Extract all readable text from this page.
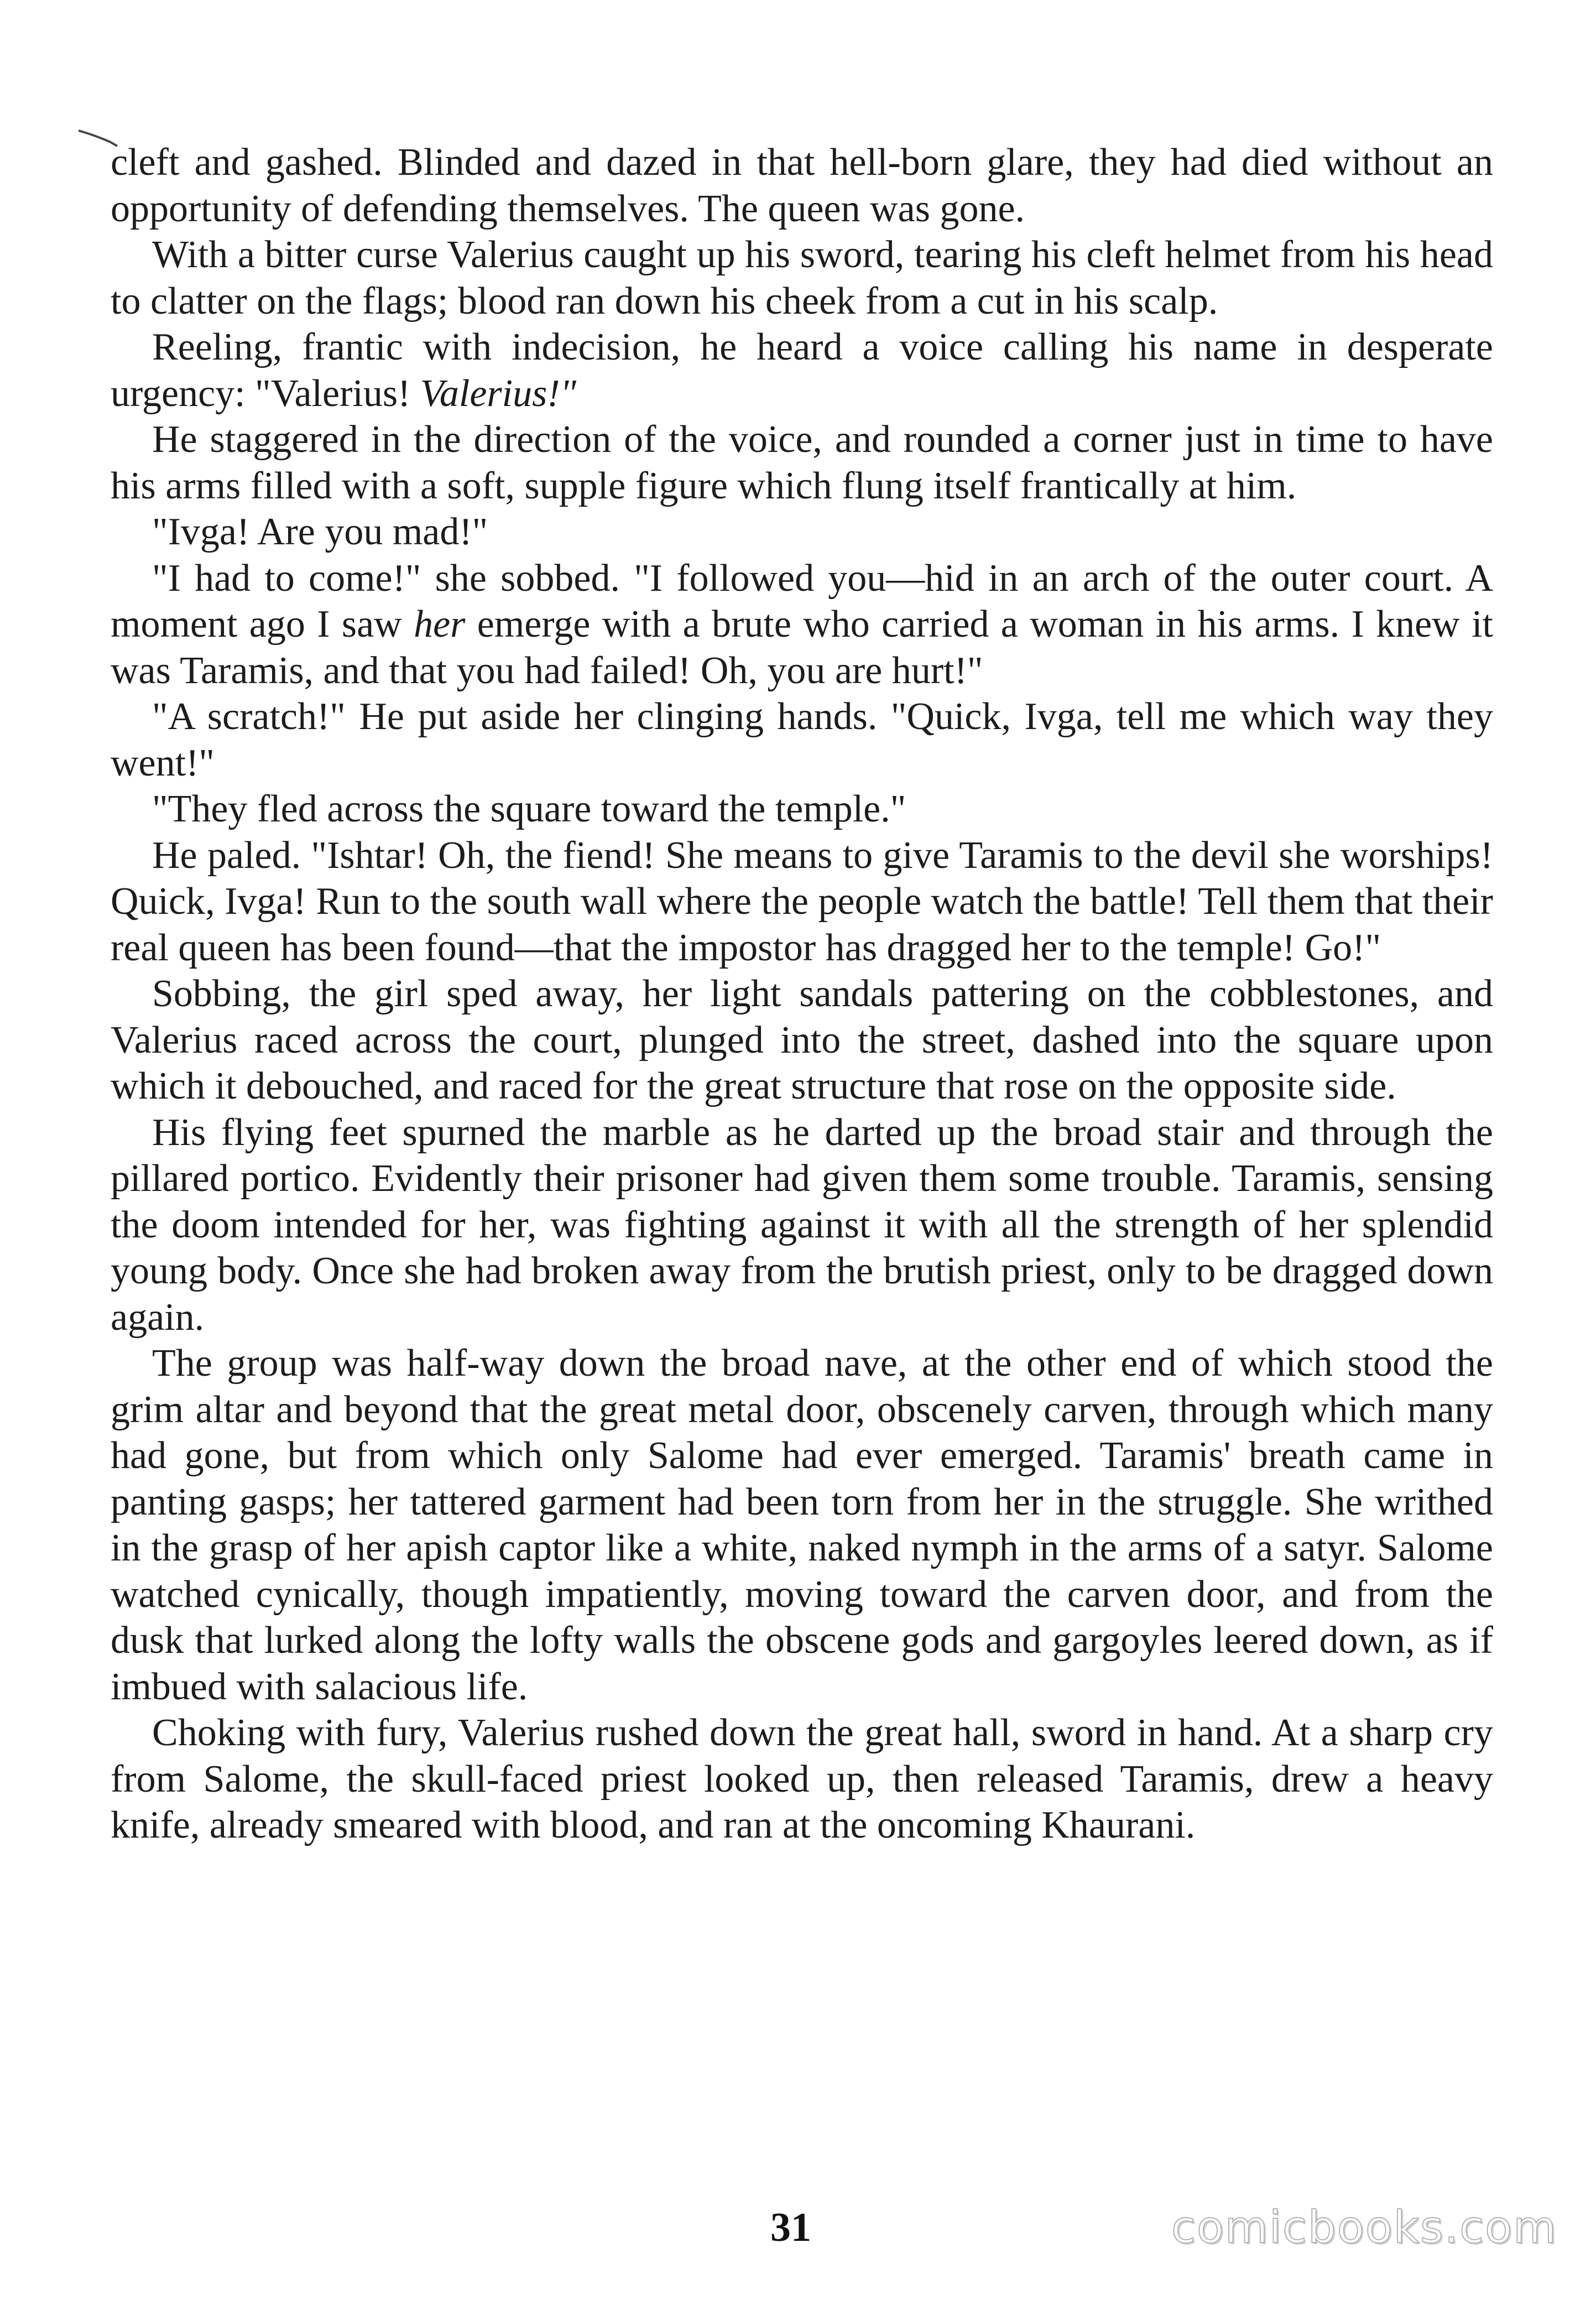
cleft and gashed. Blinded and dazed in that hell-born glare, they had died without an opportunity of defending themselves. The queen was gone.

With a bitter curse Valerius caught up his sword, tearing his cleft helmet from his head to clatter on the flags; blood ran down his cheek from a cut in his scalp.

Reeling, frantic with indecision, he heard a voice calling his name in desperate urgency: "Valerius! Valerius!"

He staggered in the direction of the voice, and rounded a corner just in time to have his arms filled with a soft, supple figure which flung itself frantically at him.

"Ivga! Are you mad!"

"I had to come!" she sobbed. "I followed you—hid in an arch of the outer court. A moment ago I saw her emerge with a brute who carried a woman in his arms. I knew it was Taramis, and that you had failed! Oh, you are hurt!"

"A scratch!" He put aside her clinging hands. "Quick, Ivga, tell me which way they went!"

"They fled across the square toward the temple."

He paled. "Ishtar! Oh, the fiend! She means to give Taramis to the devil she worships! Quick, Ivga! Run to the south wall where the people watch the battle! Tell them that their real queen has been found—that the impostor has dragged her to the temple! Go!"

Sobbing, the girl sped away, her light sandals pattering on the cobblestones, and Valerius raced across the court, plunged into the street, dashed into the square upon which it debouched, and raced for the great structure that rose on the opposite side.

His flying feet spurned the marble as he darted up the broad stair and through the pillared portico. Evidently their prisoner had given them some trouble. Taramis, sensing the doom intended for her, was fighting against it with all the strength of her splendid young body. Once she had broken away from the brutish priest, only to be dragged down again.

The group was half-way down the broad nave, at the other end of which stood the grim altar and beyond that the great metal door, obscenely carven, through which many had gone, but from which only Salome had ever emerged. Taramis' breath came in panting gasps; her tattered garment had been torn from her in the struggle. She writhed in the grasp of her apish captor like a white, naked nymph in the arms of a satyr. Salome watched cynically, though impatiently, moving toward the carven door, and from the dusk that lurked along the lofty walls the obscene gods and gargoyles leered down, as if imbued with salacious life.

Choking with fury, Valerius rushed down the great hall, sword in hand. At a sharp cry from Salome, the skull-faced priest looked up, then released Taramis, drew a heavy knife, already smeared with blood, and ran at the oncoming Khaurani.

31	comicbooks.com
